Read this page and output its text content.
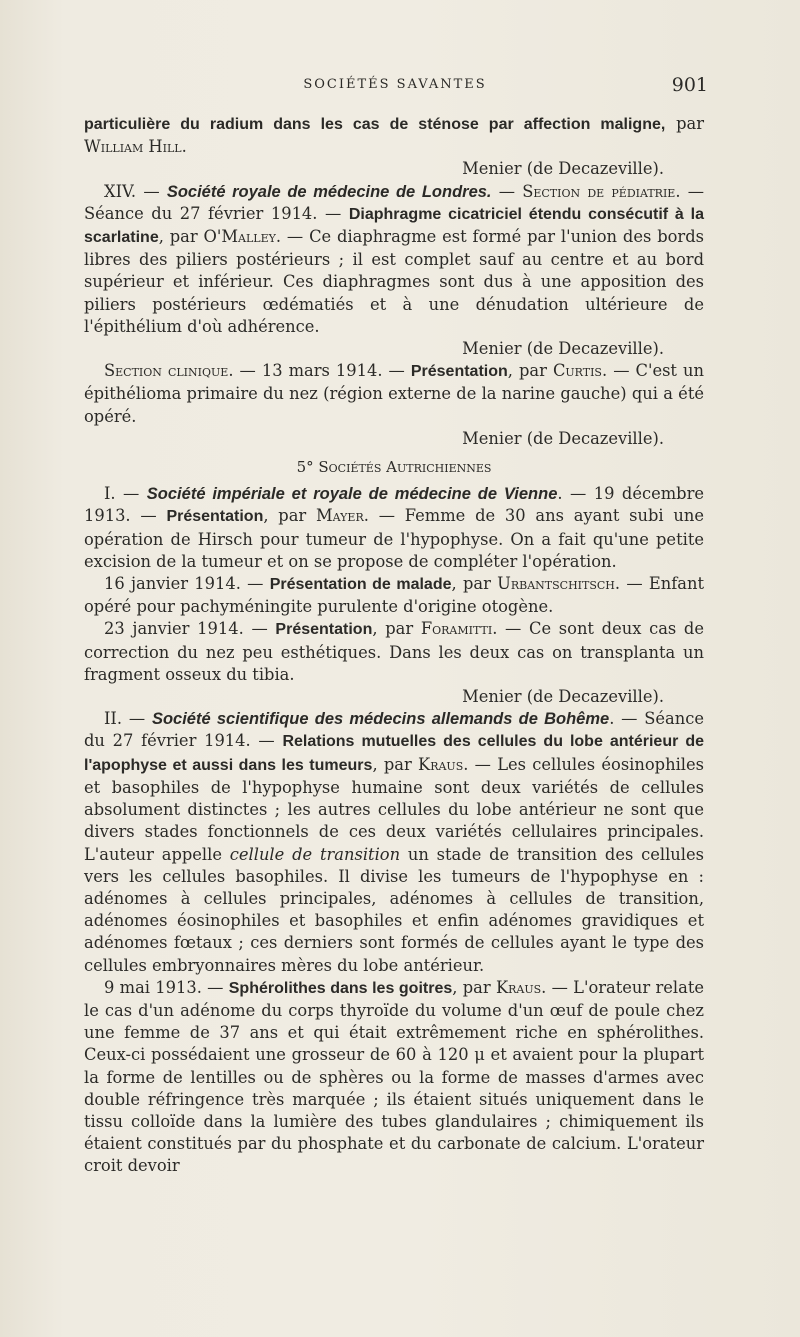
SOCIÉTÉS SAVANTES	901

particulière du radium dans les cas de sténose par affection maligne, par William Hill.

Menier (de Decazeville).

XIV. — Société royale de médecine de Londres. — Section de pédiatrie. — Séance du 27 février 1914. — Diaphragme cicatriciel étendu consécutif à la scarlatine, par O'Malley. — Ce diaphragme est formé par l'union des bords libres des piliers postérieurs ; il est complet sauf au centre et au bord supérieur et inférieur. Ces diaphragmes sont dus à une apposition des piliers postérieurs œdématiés et à une dénudation ultérieure de l'épithélium d'où adhérence.

Menier (de Decazeville).

Section clinique. — 13 mars 1914. — Présentation, par Curtis. — C'est un épithélioma primaire du nez (région externe de la narine gauche) qui a été opéré.

Menier (de Decazeville).

5° Sociétés Autrichiennes

I. — Société impériale et royale de médecine de Vienne. — 19 décembre 1913. — Présentation, par Mayer. — Femme de 30 ans ayant subi une opération de Hirsch pour tumeur de l'hypophyse. On a fait qu'une petite excision de la tumeur et on se propose de compléter l'opération.

16 janvier 1914. — Présentation de malade, par Urbantschitsch. — Enfant opéré pour pachyméningite purulente d'origine otogène.

23 janvier 1914. — Présentation, par Foramitti. — Ce sont deux cas de correction du nez peu esthétiques. Dans les deux cas on transplanta un fragment osseux du tibia.

Menier (de Decazeville).

II. — Société scientifique des médecins allemands de Bohême. — Séance du 27 février 1914. — Relations mutuelles des cellules du lobe antérieur de l'apophyse et aussi dans les tumeurs, par Kraus. — Les cellules éosinophiles et basophiles de l'hypophyse humaine sont deux variétés de cellules absolument distinctes ; les autres cellules du lobe antérieur ne sont que divers stades fonctionnels de ces deux variétés cellulaires principales. L'auteur appelle cellule de transition un stade de transition des cellules vers les cellules basophiles. Il divise les tumeurs de l'hypophyse en : adénomes à cellules principales, adénomes à cellules de transition, adénomes éosinophiles et basophiles et enfin adénomes gravidiques et adénomes fœtaux ; ces derniers sont formés de cellules ayant le type des cellules embryonnaires mères du lobe antérieur.

9 mai 1913. — Sphérolithes dans les goitres, par Kraus. — L'orateur relate le cas d'un adénome du corps thyroïde du volume d'un œuf de poule chez une femme de 37 ans et qui était extrêmement riche en sphérolithes. Ceux-ci possédaient une grosseur de 60 à 120 μ et avaient pour la plupart la forme de lentilles ou de sphères ou la forme de masses d'armes avec double réfringence très marquée ; ils étaient situés uniquement dans le tissu colloïde dans la lumière des tubes glandulaires ; chimiquement ils étaient constitués par du phosphate et du carbonate de calcium. L'orateur croit devoir
